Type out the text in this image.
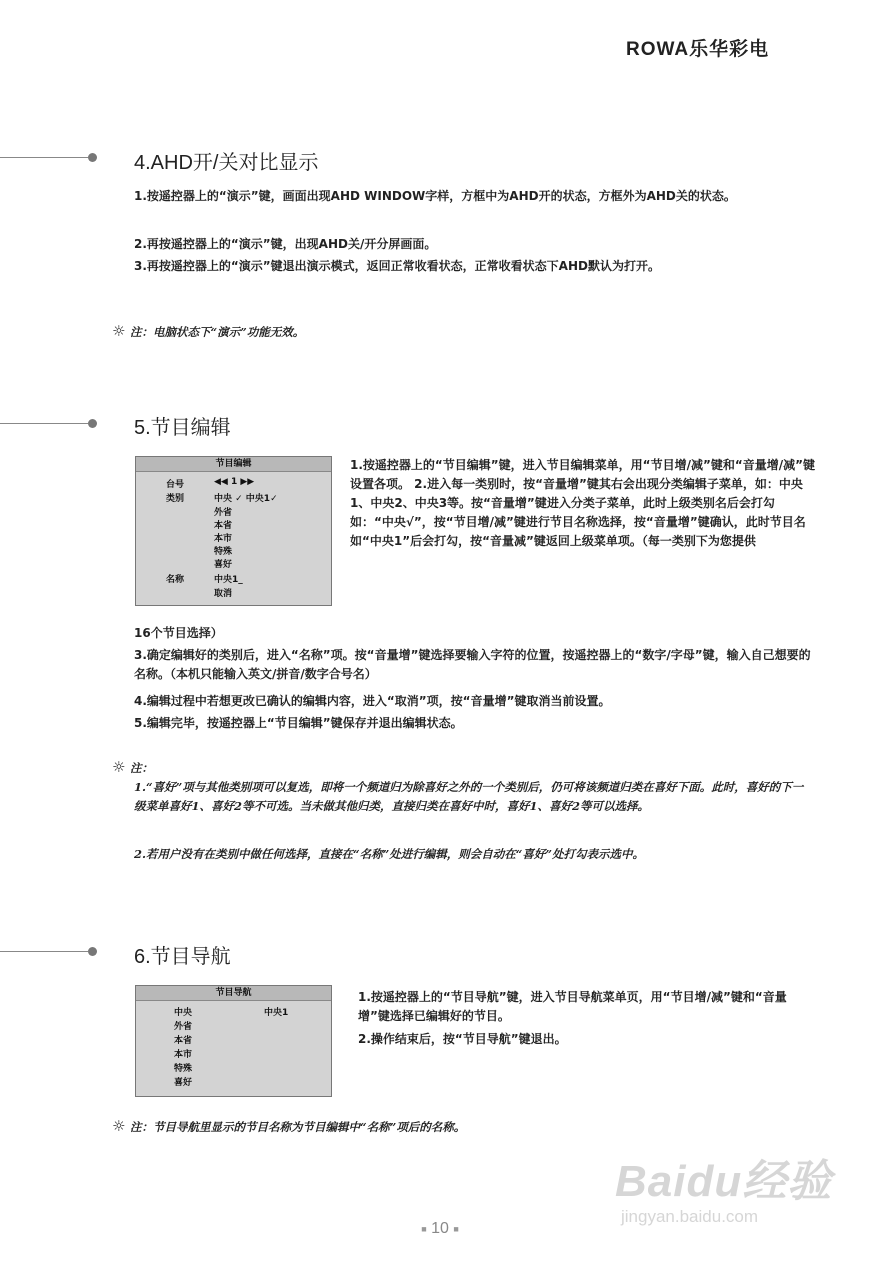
ROWA乐华彩电
4.AHD开/关对比显示

1.按遥控器上的“演示”键，画面出现AHD WINDOW字样，方框中为AHD开的状态，方框外为AHD关的状态。

2.再按遥控器上的“演示”键，出现AHD关/开分屏画面。

3.再按遥控器上的“演示”键退出演示模式，返回正常收看状态，正常收看状态下AHD默认为打开。

☼ 注：电脑状态下“演示”功能无效。
5.节目编辑
节目编辑
台号	◀◀ 1 ▶▶
类别	中央 ✓ 中央1✓
外省
本省
本市
特殊
喜好
名称	中央1_
取消

1.按遥控器上的“节目编辑”键，进入节目编辑菜单，用“节目增/减”键和“音量增/减”键设置各项。 2.进入每一类别时，按“音量增”键其右会出现分类编辑子菜单，如：中央1、中央2、中央3等。按“音量增”键进入分类子菜单，此时上级类别名后会打勾如：“中央√”，按“节目增/减”键进行节目名称选择，按“音量增”键确认，此时节目名如“中央1”后会打勾，按“音量减”键返回上级菜单项。（每一类别下为您提供

16个节目选择）

3.确定编辑好的类别后，进入“名称”项。按“音量增”键选择要输入字符的位置，按遥控器上的“数字/字母”键，输入自己想要的名称。（本机只能输入英文/拼音/数字合号名）

4.编辑过程中若想更改已确认的编辑内容，进入“取消”项，按“音量增”键取消当前设置。

5.编辑完毕，按遥控器上“节目编辑”键保存并退出编辑状态。

☼ 注：

1.“喜好”项与其他类别项可以复选，即将一个频道归为除喜好之外的一个类别后，仍可将该频道归类在喜好下面。此时，喜好的下一级菜单喜好1、喜好2等不可选。当未做其他归类，直接归类在喜好中时，喜好1、喜好2等可以选择。

2.若用户没有在类别中做任何选择，直接在“名称”处进行编辑，则会自动在“喜好”处打勾表示选中。

6.节目导航
节目导航
中央	中央1
外省
本省
本市
特殊
喜好

1.按遥控器上的“节目导航”键，进入节目导航菜单页，用“节目增/减”键和“音量增”键选择已编辑好的节目。

2.操作结束后，按“节目导航”键退出。

☼ 注：节目导航里显示的节目名称为节目编辑中“名称”项后的名称。
Baidu经验
jingyan.baidu.com
■ 10 ■
